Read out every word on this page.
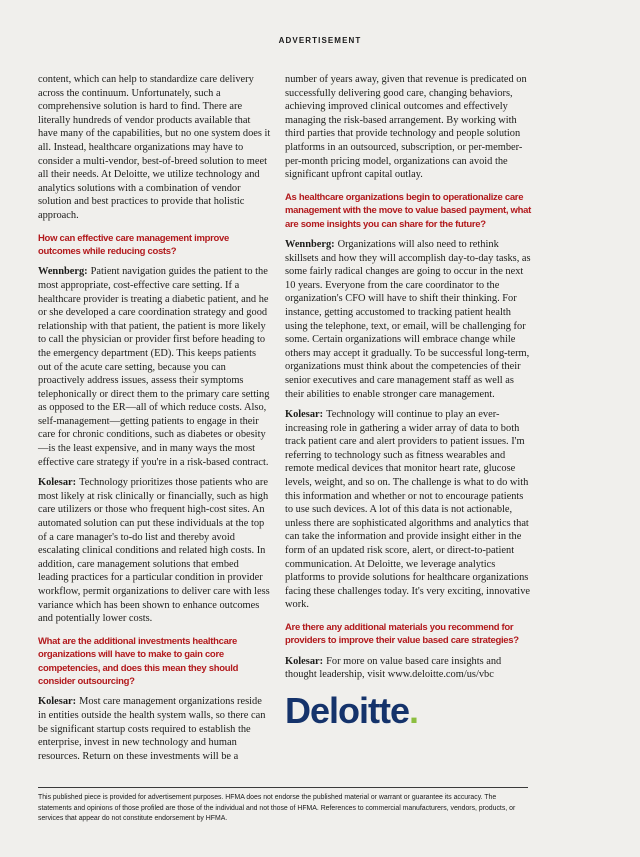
ADVERTISEMENT

content, which can help to standardize care delivery across the continuum. Unfortunately, such a comprehensive solution is hard to find. There are literally hundreds of vendor products available that have many of the capabilities, but no one system does it all. Instead, healthcare organizations may have to consider a multi-vendor, best-of-breed solution to meet all their needs. At Deloitte, we utilize technology and analytics solutions with a combination of vendor solution and best practices to provide that holistic approach.

How can effective care management improve outcomes while reducing costs?

Wennberg: Patient navigation guides the patient to the most appropriate, cost-effective care setting. If a healthcare provider is treating a diabetic patient, and he or she developed a care coordination strategy and good relationship with that patient, the patient is more likely to call the physician or provider first before heading to the emergency department (ED). This keeps patients out of the acute care setting, because you can proactively address issues, assess their symptoms telephonically or direct them to the primary care setting as opposed to the ER—all of which reduce costs. Also, self-management—getting patients to engage in their care for chronic conditions, such as diabetes or obesity—is the least expensive, and in many ways the most effective care strategy if you're in a risk-based contract.

Kolesar: Technology prioritizes those patients who are most likely at risk clinically or financially, such as high care utilizers or those who frequent high-cost sites. An automated solution can put these individuals at the top of a care manager's to-do list and thereby avoid escalating clinical conditions and related high costs. In addition, care management solutions that embed leading practices for a particular condition in provider workflow, permit organizations to deliver care with less variance which has been shown to enhance outcomes and potentially lower costs.

What are the additional investments healthcare organizations will have to make to gain core competencies, and does this mean they should consider outsourcing?

Kolesar: Most care management organizations reside in entities outside the health system walls, so there can be significant startup costs required to establish the enterprise, invest in new technology and human resources. Return on these investments will be a

number of years away, given that revenue is predicated on successfully delivering good care, changing behaviors, achieving improved clinical outcomes and effectively managing the risk-based arrangement. By working with third parties that provide technology and people solution platforms in an outsourced, subscription, or per-member-per-month pricing model, organizations can avoid the significant upfront capital outlay.

As healthcare organizations begin to operationalize care management with the move to value based payment, what are some insights you can share for the future?

Wennberg: Organizations will also need to rethink skillsets and how they will accomplish day-to-day tasks, as some fairly radical changes are going to occur in the next 10 years. Everyone from the care coordinator to the organization's CFO will have to shift their thinking. For instance, getting accustomed to tracking patient health using the telephone, text, or email, will be challenging for some. Certain organizations will embrace change while others may accept it gradually. To be successful long-term, organizations must think about the competencies of their senior executives and care management staff as well as their abilities to enable stronger care management.

Kolesar: Technology will continue to play an ever-increasing role in gathering a wider array of data to both track patient care and alert providers to patient issues. I'm referring to technology such as fitness wearables and remote medical devices that monitor heart rate, glucose levels, weight, and so on. The challenge is what to do with this information and whether or not to encourage patients to use such devices. A lot of this data is not actionable, unless there are sophisticated algorithms and analytics that can take the information and provide insight either in the form of an updated risk score, alert, or direct-to-patient communication. At Deloitte, we leverage analytics platforms to provide solutions for healthcare organizations facing these challenges today. It's very exciting, innovative work.

Are there any additional materials you recommend for providers to improve their value based care strategies?

Kolesar: For more on value based care insights and thought leadership, visit www.deloitte.com/us/vbc

Deloitte.
This published piece is provided for advertisement purposes. HFMA does not endorse the published material or warrant or guarantee its accuracy. The statements and opinions of those profiled are those of the individual and not those of HFMA. References to commercial manufacturers, vendors, products, or services that appear do not constitute endorsement by HFMA.
